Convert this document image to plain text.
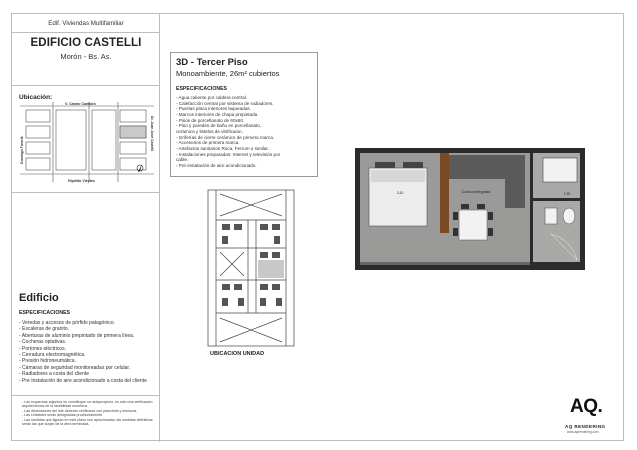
Edif. Viviendas Multifamiliar
EDIFICIO CASTELLI
Morón - Bs. As.
Ubicación:
V. Castro Cambón
Hipólito Vieytes
Domingo Frencik	Dr. Juan José Castelli
Edificio
ESPECIFICACIONES
- Veredas y accesos de pórfido patagónico.
- Escaleras de granito.
- Aberturas de aluminio prepintado de primera línea.
- Cocheras optativas.
- Portones eléctricos.
- Cerradura electromagnética.
- Presión hidroneumática.
- Cámaras de seguridad monitoreadas por celular.
- Radiadores a costa del cliente
- Pre Instalación de aire acondicionado a costa del cliente
- Las esquemas adjuntos no constituyen un anteproyecto, es sólo una verificación arquitectónica de la factibilidad numérica.
- Las dimensiones del lote deberán verificarse con planchela y mensura.
- Las Unidades serán designadas provisoriamente.
- Las medidas que figuran en este plano son aproximadas, las medidas definitivas serán las que surjan de la obra terminada.
3D - Tercer Piso
Monoambiente, 26m² cubiertos
ESPECIFICACIONES
- Agua caliente por caldera central.
- Calefacción central por sistema de radiadores.
- Puertas placa interiores laqueadas.
- Marcos interiores de chapa prepintada.
- Pisos de porcellanato de 60x60.
- Piso y paredes de baño en porcellanato,
cerámica y listelos de vitrificaion.
- Griferías de cierre cerámico de primera marca.
- Accesorios de primera marca.
- Artefactos sanitarios Roca, Ferrum o similar.
- Instalaciones preparadas: Internet y televisión por
cable.
- Pre-instalación de aire acondicionado.
UBICACION UNIDAD
Cocina integrada
3.10	1.20
AQ.
AQ RENDERING
www.aqrendering.com
